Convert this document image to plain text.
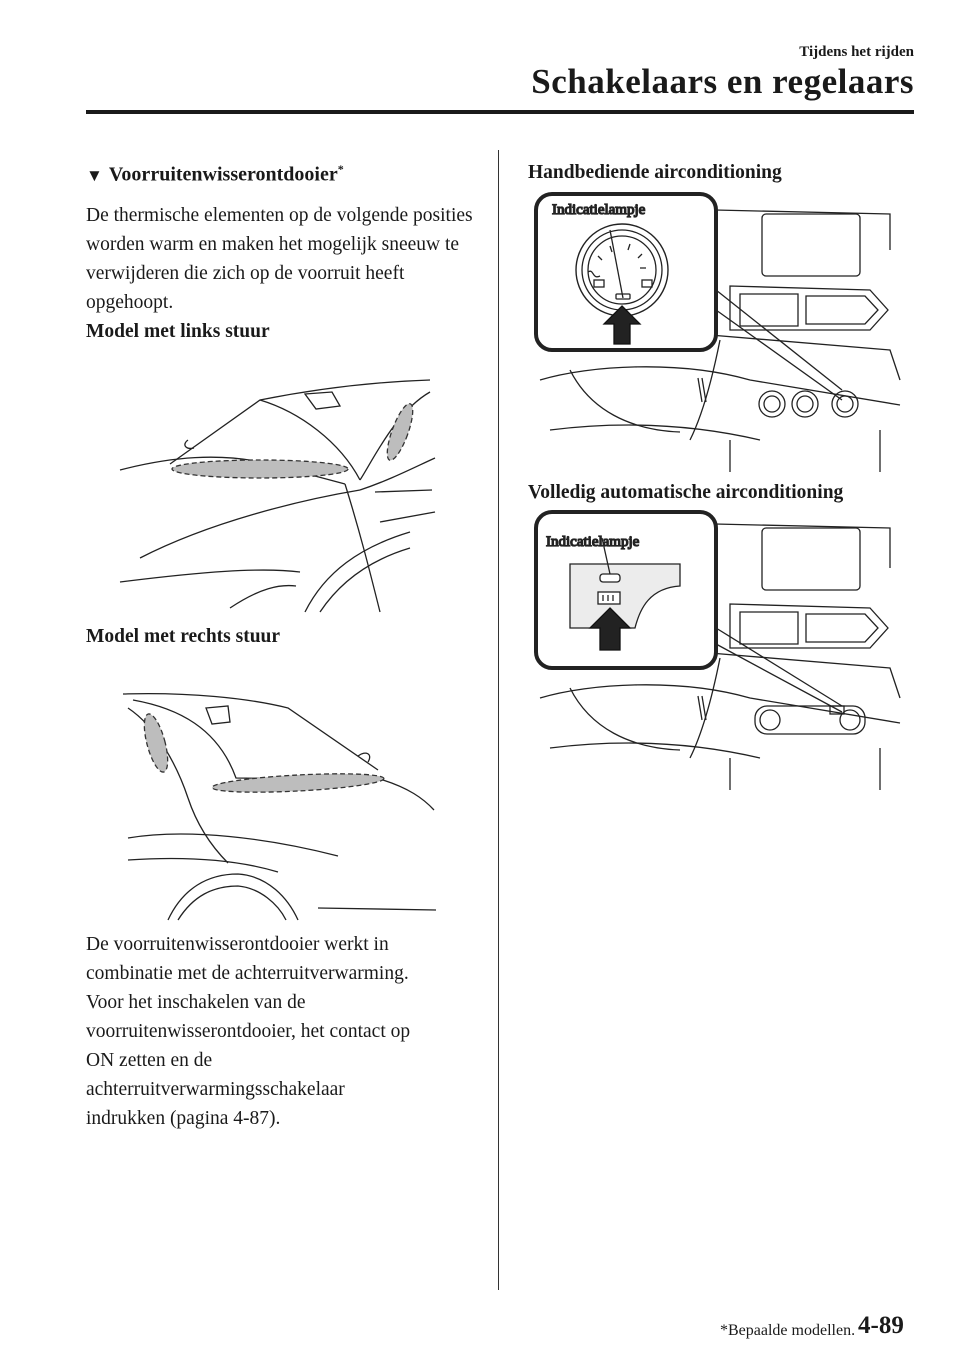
Tijdens het rijden
Schakelaars en regelaars
▼ Voorruitenwisserontdooier*

De thermische elementen op de volgende posities worden warm en maken het mogelijk sneeuw te verwijderen die zich op de voorruit heeft opgehoopt.

Model met links stuur
Model met rechts stuur

De voorruitenwisserontdooier werkt in

combinatie met de achterruitverwarming.

Voor het inschakelen van de

voorruitenwisserontdooier, het contact op

ON zetten en de

achterruitverwarmingsschakelaar

indrukken (pagina 4-87).

Handbediende airconditioning
Indicatielampje
Volledig automatische airconditioning
Indicatielampje
*Bepaalde modellen. 4-89
